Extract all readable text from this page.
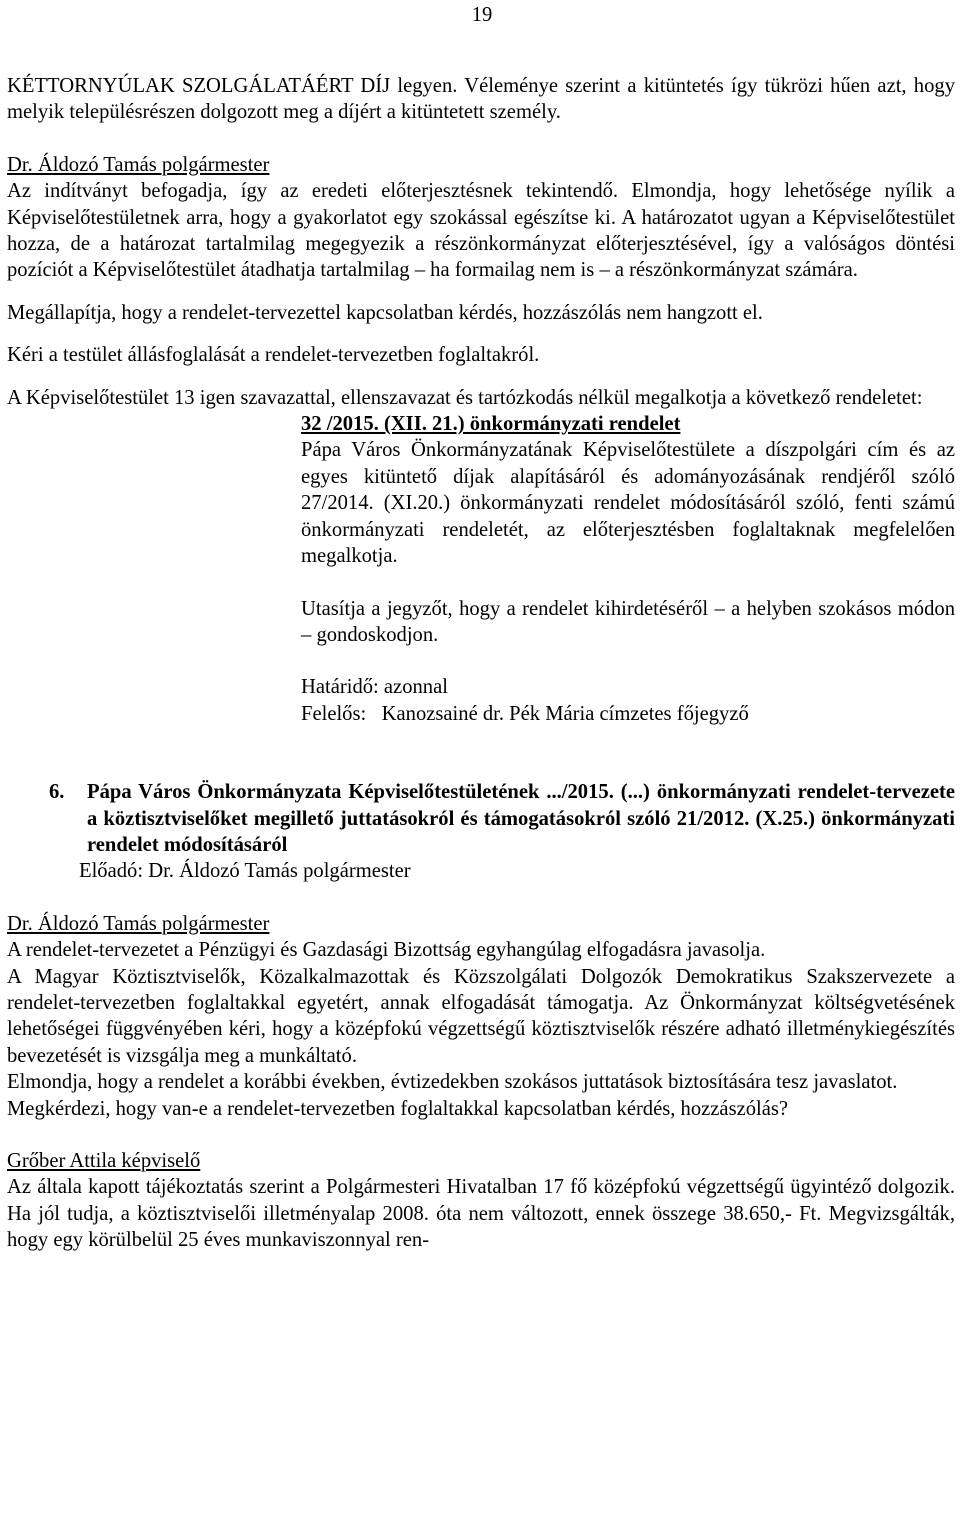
19

KÉTTORNYÚLAK SZOLGÁLATÁÉRT DÍJ legyen. Véleménye szerint a kitüntetés így tükrözi hűen azt, hogy melyik településrészen dolgozott meg a díjért a kitüntetett személy.

Dr. Áldozó Tamás polgármester

Az indítványt befogadja, így az eredeti előterjesztésnek tekintendő. Elmondja, hogy lehetősége nyílik a Képviselőtestületnek arra, hogy a gyakorlatot egy szokással egészítse ki. A határozatot ugyan a Képviselőtestület hozza, de a határozat tartalmilag megegyezik a részönkormányzat előterjesztésével, így a valóságos döntési pozíciót a Képviselőtestület átadhatja tartalmilag – ha formailag nem is – a részönkormányzat számára.

Megállapítja, hogy a rendelet-tervezettel kapcsolatban kérdés, hozzászólás nem hangzott el.

Kéri a testület állásfoglalását a rendelet-tervezetben foglaltakról.

A Képviselőtestület 13 igen szavazattal, ellenszavazat és tartózkodás nélkül megalkotja a következő rendeletet:

32 /2015. (XII. 21.) önkormányzati rendelet

Pápa Város Önkormányzatának Képviselőtestülete a díszpolgári cím és az egyes kitüntető díjak alapításáról és adományozásának rendjéről szóló 27/2014. (XI.20.) önkormányzati rendelet módosításáról szóló, fenti számú önkormányzati rendeletét, az előterjesztésben foglaltaknak megfelelően megalkotja.

Utasítja a jegyzőt, hogy a rendelet kihirdetéséről – a helyben szokásos módon – gondoskodjon.

Határidő: azonnal

Felelős:   Kanozsainé dr. Pék Mária címzetes főjegyző

6. Pápa Város Önkormányzata Képviselőtestületének .../2015. (...) önkormányzati rendelet-tervezete a köztisztviselőket megillető juttatásokról és támogatásokról szóló 21/2012. (X.25.) önkormányzati rendelet módosításáról

Előadó: Dr. Áldozó Tamás polgármester

Dr. Áldozó Tamás polgármester

A rendelet-tervezetet a Pénzügyi és Gazdasági Bizottság egyhangúlag elfogadásra javasolja.

A Magyar Köztisztviselők, Közalkalmazottak és Közszolgálati Dolgozók Demokratikus Szakszervezete a rendelet-tervezetben foglaltakkal egyetért, annak elfogadását támogatja. Az Önkormányzat költségvetésének lehetőségei függvényében kéri, hogy a középfokú végzettségű köztisztviselők részére adható illetménykiegészítés bevezetését is vizsgálja meg a munkáltató.

Elmondja, hogy a rendelet a korábbi években, évtizedekben szokásos juttatások biztosítására tesz javaslatot.

Megkérdezi, hogy van-e a rendelet-tervezetben foglaltakkal kapcsolatban kérdés, hozzászólás?

Grőber Attila képviselő

Az általa kapott tájékoztatás szerint a Polgármesteri Hivatalban 17 fő középfokú végzettségű ügyintéző dolgozik. Ha jól tudja, a köztisztviselői illetményalap 2008. óta nem változott, ennek összege 38.650,- Ft. Megvizsgálták, hogy egy körülbelül 25 éves munkaviszonnyal ren-
